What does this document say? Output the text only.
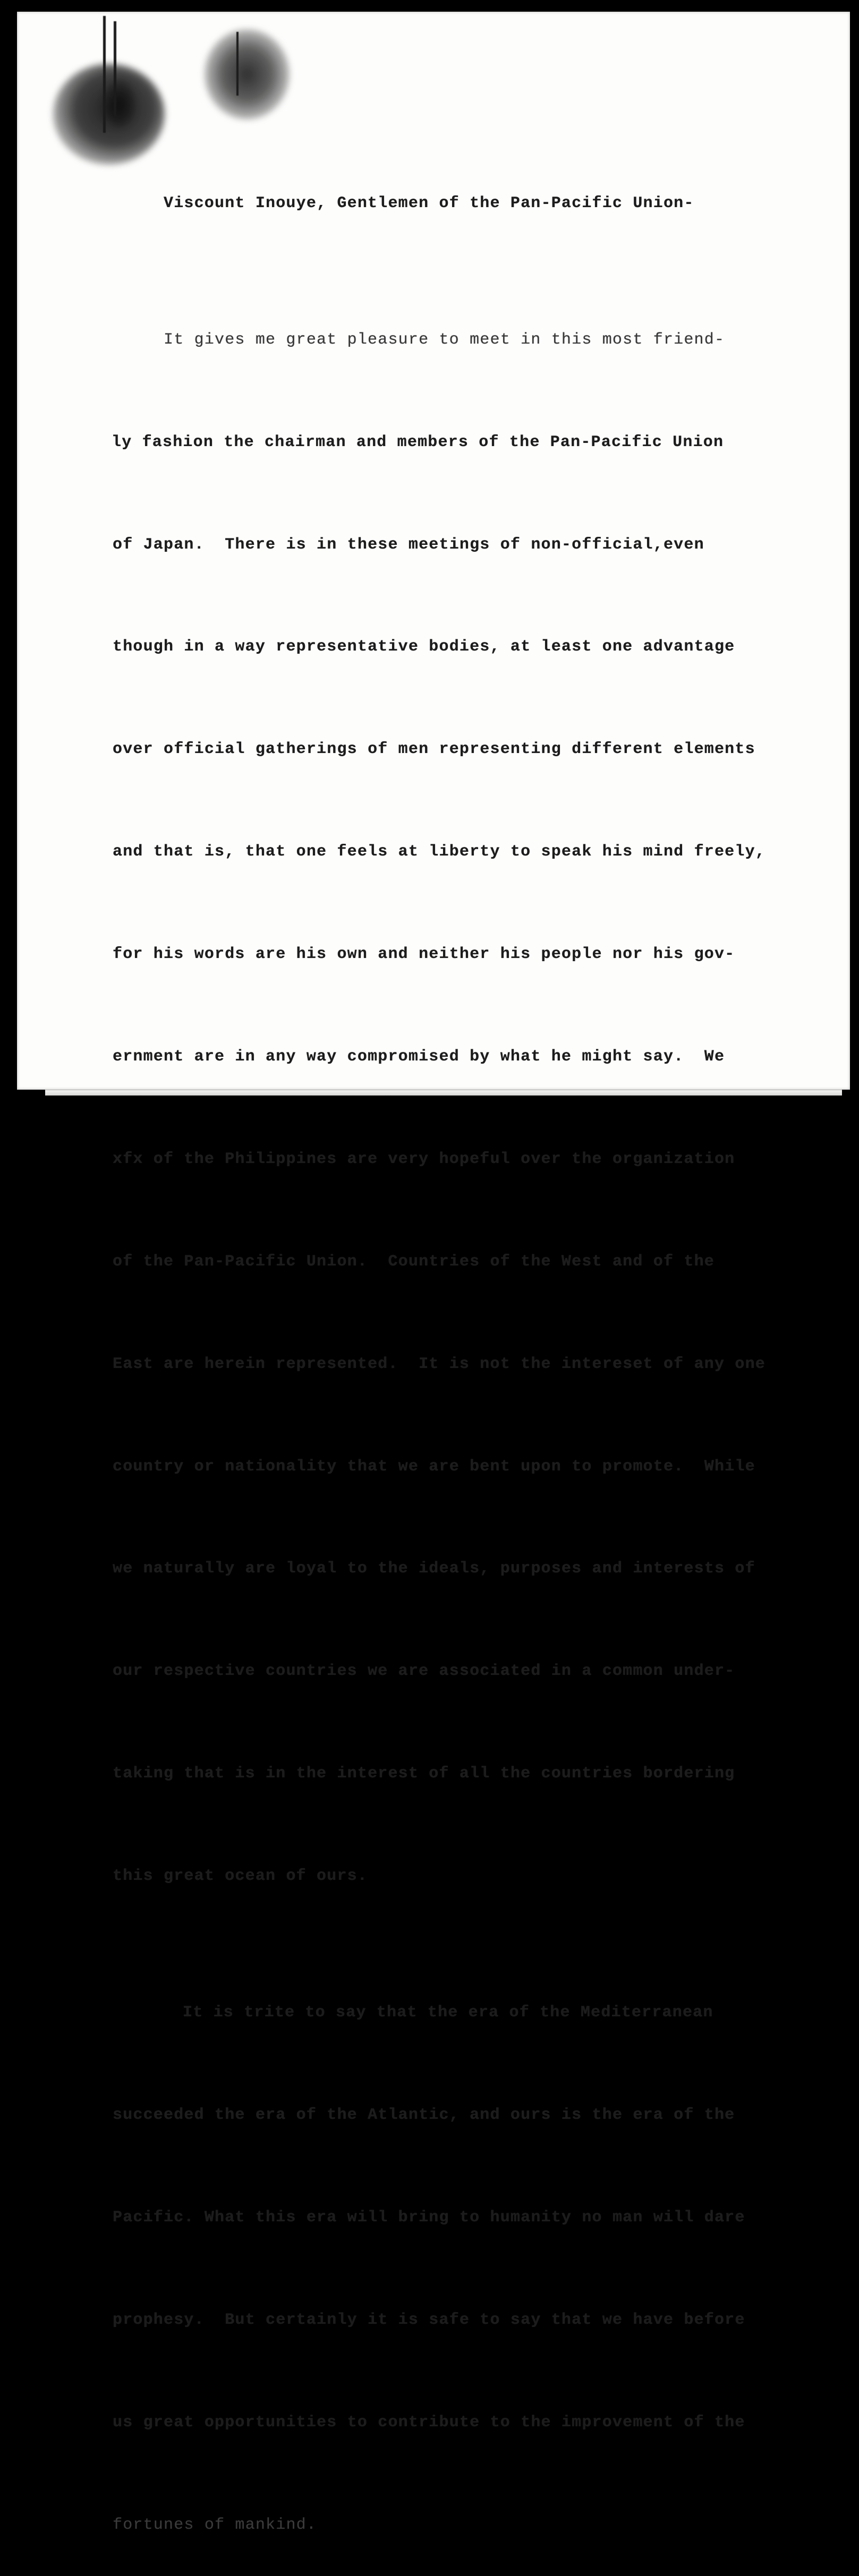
Viscount Inouye, Gentlemen of the Pan-Pacific Union-

It gives me great pleasure to meet in this most friend-

ly fashion the chairman and members of the Pan-Pacific Union

of Japan.  There is in these meetings of non-official,even

though in a way representative bodies, at least one advantage

over official gatherings of men representing different elements

and that is, that one feels at liberty to speak his mind freely,

for his words are his own and neither his people nor his gov-

ernment are in any way compromised by what he might say.  We

xfx of the Philippines are very hopeful over the organization

of the Pan-Pacific Union.  Countries of the West and of the

East are herein represented.  It is not the intereset of any one

country or nationality that we are bent upon to promote.  While

we naturally are loyal to the ideals, purposes and interests of

our respective countries we are associated in a common under-

taking that is in the interest of all the countries bordering

this great ocean of ours.

It is trite to say that the era of the Mediterranean

succeeded the era of the Atlantic, and ours is the era of the

Pacific. What this era will bring to humanity no man will dare

prophesy.  But certainly it is safe to say that we have before

us great opportunities to contribute to the improvement of the

fortunes of mankind.
